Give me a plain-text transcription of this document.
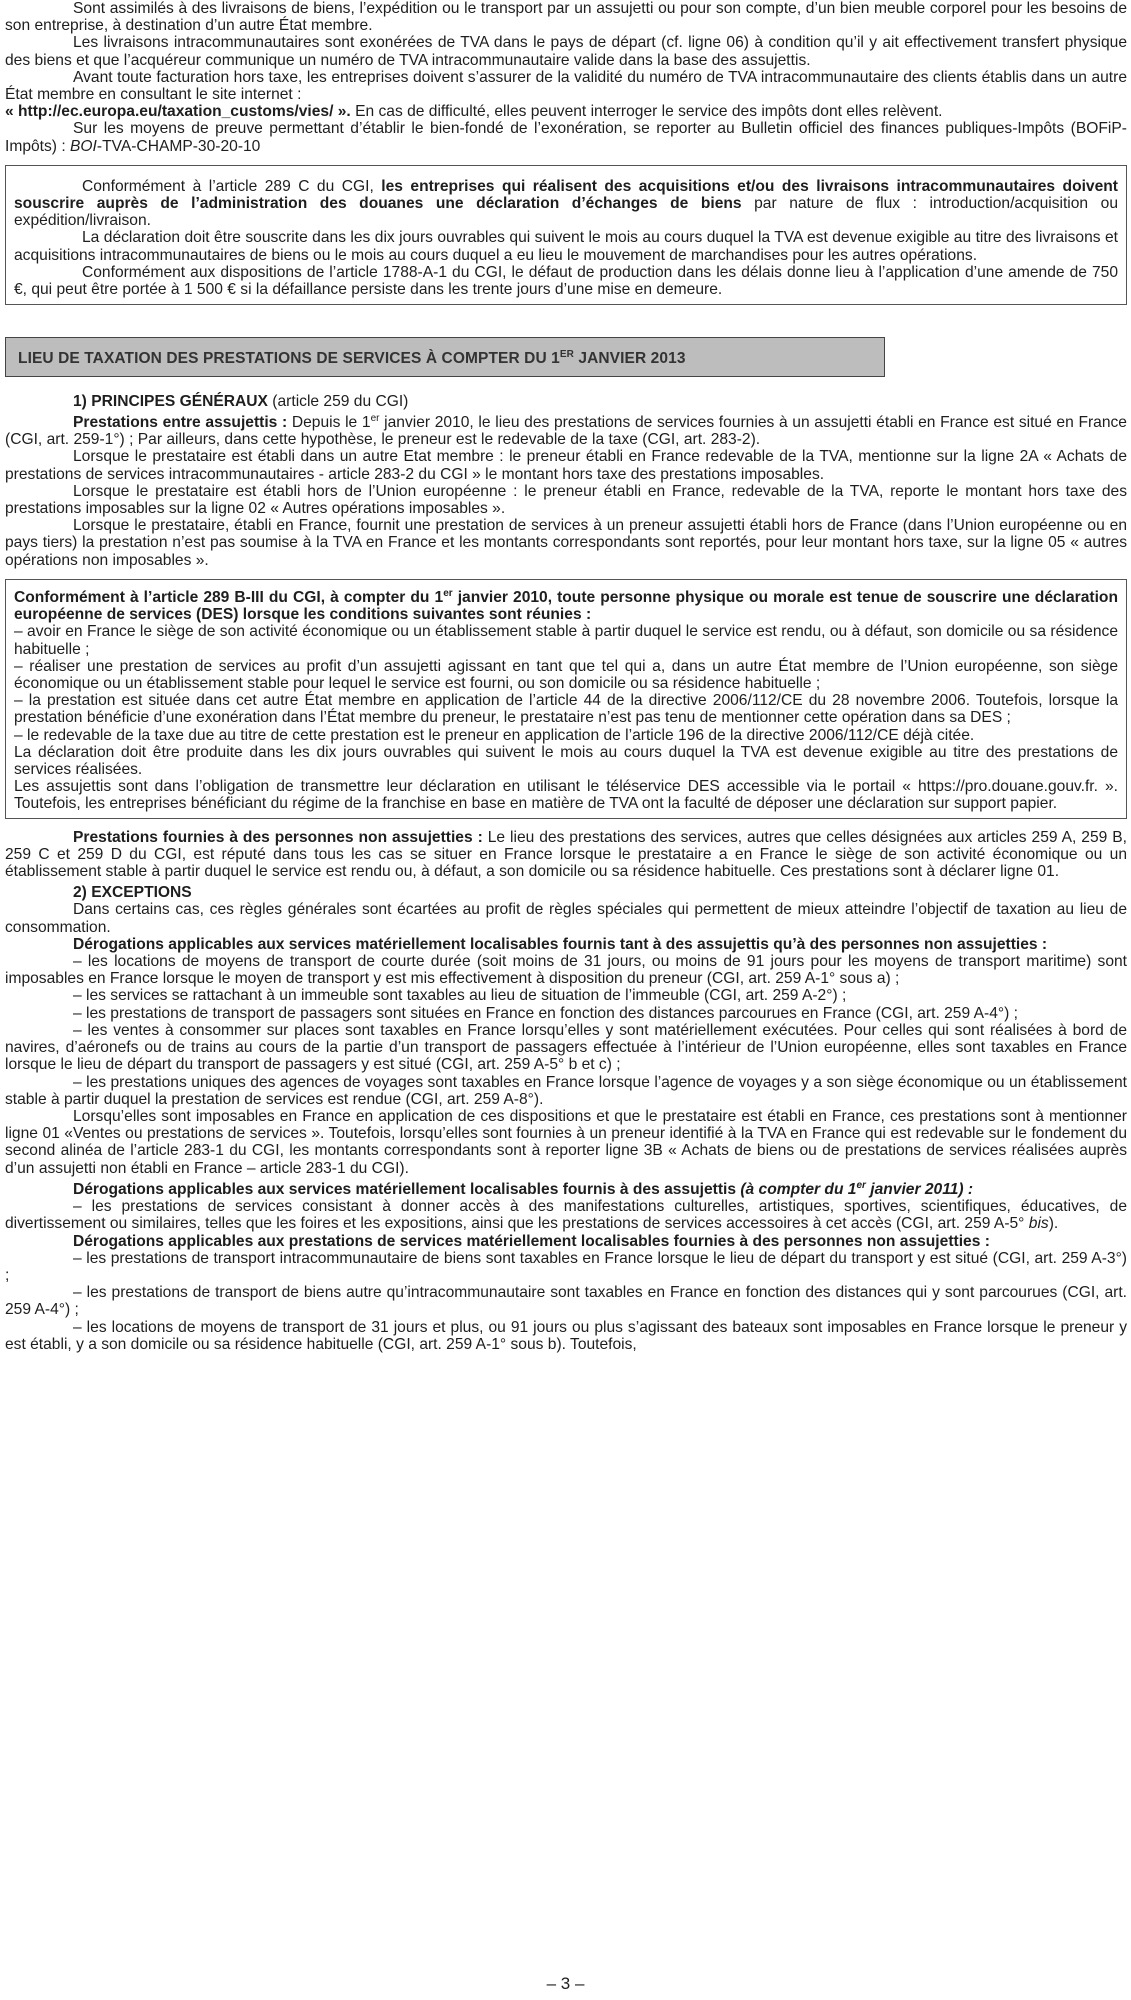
Sont assimilés à des livraisons de biens, l’expédition ou le transport par un assujetti ou pour son compte, d’un bien meuble corporel pour les besoins de son entreprise, à destination d’un autre État membre.

Les livraisons intracommunautaires sont exonérées de TVA dans le pays de départ (cf. ligne 06) à condition qu’il y ait effectivement transfert physique des biens et que l’acquéreur communique un numéro de TVA intracommunautaire valide dans la base des assujettis.

Avant toute facturation hors taxe, les entreprises doivent s’assurer de la validité du numéro de TVA intracommunautaire des clients établis dans un autre État membre en consultant le site internet :
« http://ec.europa.eu/taxation_customs/vies/ ». En cas de difficulté, elles peuvent interroger le service des impôts dont elles relèvent.

Sur les moyens de preuve permettant d’établir le bien-fondé de l’exonération, se reporter au Bulletin officiel des finances publiques-Impôts (BOFiP-Impôts) : BOI-TVA-CHAMP-30-20-10

Conformément à l’article 289 C du CGI, les entreprises qui réalisent des acquisitions et/ou des livraisons intracommunautaires doivent souscrire auprès de l’administration des douanes une déclaration d’échanges de biens par nature de flux : introduction/acquisition ou expédition/livraison.

La déclaration doit être souscrite dans les dix jours ouvrables qui suivent le mois au cours duquel la TVA est devenue exigible au titre des livraisons et acquisitions intracommunautaires de biens ou le mois au cours duquel a eu lieu le mouvement de marchandises pour les autres opérations.

Conformément aux dispositions de l’article 1788-A-1 du CGI, le défaut de production dans les délais donne lieu à l’application d’une amende de 750 €, qui peut être portée à 1 500 € si la défaillance persiste dans les trente jours d’une mise en demeure.

LIEU DE TAXATION DES PRESTATIONS DE SERVICES À COMPTER DU 1ER JANVIER 2013

1) PRINCIPES GÉNÉRAUX (article 259 du CGI)

Prestations entre assujettis : Depuis le 1er janvier 2010, le lieu des prestations de services fournies à un assujetti établi en France est situé en France (CGI, art. 259-1°) ; Par ailleurs, dans cette hypothèse, le preneur est le redevable de la taxe (CGI, art. 283-2).

Lorsque le prestataire est établi dans un autre Etat membre : le preneur établi en France redevable de la TVA, mentionne sur la ligne 2A « Achats de prestations de services intracommunautaires - article 283-2 du CGI » le montant hors taxe des prestations imposables.

Lorsque le prestataire est établi hors de l’Union européenne : le preneur établi en France, redevable de la TVA, reporte le montant hors taxe des prestations imposables sur la ligne 02 « Autres opérations imposables ».

Lorsque le prestataire, établi en France, fournit une prestation de services à un preneur assujetti établi hors de France (dans l’Union européenne ou en pays tiers) la prestation n’est pas soumise à la TVA en France et les montants correspondants sont reportés, pour leur montant hors taxe, sur la ligne 05 « autres opérations non imposables ».

Conformément à l’article 289 B-III du CGI, à compter du 1er janvier 2010, toute personne physique ou morale est tenue de souscrire une déclaration européenne de services (DES) lorsque les conditions suivantes sont réunies :

– avoir en France le siège de son activité économique ou un établissement stable à partir duquel le service est rendu, ou à défaut, son domicile ou sa résidence habituelle ;

– réaliser une prestation de services au profit d’un assujetti agissant en tant que tel qui a, dans un autre État membre de l’Union européenne, son siège économique ou un établissement stable pour lequel le service est fourni, ou son domicile ou sa résidence habituelle ;

– la prestation est située dans cet autre État membre en application de l’article 44 de la directive 2006/112/CE du 28 novembre 2006. Toutefois, lorsque la prestation bénéficie d’une exonération dans l’État membre du preneur, le prestataire n’est pas tenu de mentionner cette opération dans sa DES ;

– le redevable de la taxe due au titre de cette prestation est le preneur en application de l’article 196 de la directive 2006/112/CE déjà citée.

La déclaration doit être produite dans les dix jours ouvrables qui suivent le mois au cours duquel la TVA est devenue exigible au titre des prestations de services réalisées.

Les assujettis sont dans l’obligation de transmettre leur déclaration en utilisant le téléservice DES accessible via le portail « https://pro.douane.gouv.fr. ». Toutefois, les entreprises bénéficiant du régime de la franchise en base en matière de TVA ont la faculté de déposer une déclaration sur support papier.

Prestations fournies à des personnes non assujetties : Le lieu des prestations des services, autres que celles désignées aux articles 259 A, 259 B, 259 C et 259 D du CGI, est réputé dans tous les cas se situer en France lorsque le prestataire a en France le siège de son activité économique ou un établissement stable à partir duquel le service est rendu ou, à défaut, a son domicile ou sa résidence habituelle. Ces prestations sont à déclarer ligne 01.

2) EXCEPTIONS

Dans certains cas, ces règles générales sont écartées au profit de règles spéciales qui permettent de mieux atteindre l’objectif de taxation au lieu de consommation.

Dérogations applicables aux services matériellement localisables fournis tant à des assujettis qu’à des personnes non assujetties :

– les locations de moyens de transport de courte durée (soit moins de 31 jours, ou moins de 91 jours pour les moyens de transport maritime) sont imposables en France lorsque le moyen de transport y est mis effectivement à disposition du preneur (CGI, art. 259 A-1° sous a) ;

– les services se rattachant à un immeuble sont taxables au lieu de situation de l’immeuble (CGI, art. 259 A-2°) ;

– les prestations de transport de passagers sont situées en France en fonction des distances parcourues en France (CGI, art. 259 A-4°) ;

– les ventes à consommer sur places sont taxables en France lorsqu’elles y sont matériellement exécutées. Pour celles qui sont réalisées à bord de navires, d’aéronefs ou de trains au cours de la partie d’un transport de passagers effectuée à l’intérieur de l’Union européenne, elles sont taxables en France lorsque le lieu de départ du transport de passagers y est situé (CGI, art. 259 A-5° b et c) ;

– les prestations uniques des agences de voyages sont taxables en France lorsque l’agence de voyages y a son siège économique ou un établissement stable à partir duquel la prestation de services est rendue (CGI, art. 259 A-8°).

Lorsqu’elles sont imposables en France en application de ces dispositions et que le prestataire est établi en France, ces prestations sont à mentionner ligne 01 «Ventes ou prestations de services ». Toutefois, lorsqu’elles sont fournies à un preneur identifié à la TVA en France qui est redevable sur le fondement du second alinéa de l’article 283-1 du CGI, les montants correspondants sont à reporter ligne 3B « Achats de biens ou de prestations de services réalisées auprès d’un assujetti non établi en France – article 283-1 du CGI).

Dérogations applicables aux services matériellement localisables fournis à des assujettis (à compter du 1er janvier 2011) :

– les prestations de services consistant à donner accès à des manifestations culturelles, artistiques, sportives, scientifiques, éducatives, de divertissement ou similaires, telles que les foires et les expositions, ainsi que les prestations de services accessoires à cet accès (CGI, art. 259 A-5° bis).

Dérogations applicables aux prestations de services matériellement localisables fournies à des personnes non assujetties :

– les prestations de transport intracommunautaire de biens sont taxables en France lorsque le lieu de départ du transport y est situé (CGI, art. 259 A-3°) ;

– les prestations de transport de biens autre qu’intracommunautaire sont taxables en France en fonction des distances qui y sont parcourues (CGI, art. 259 A-4°) ;

– les locations de moyens de transport de 31 jours et plus, ou 91 jours ou plus s’agissant des bateaux sont imposables en France lorsque le preneur y est établi, y a son domicile ou sa résidence habituelle (CGI, art. 259 A-1° sous b). Toutefois,

– 3 –
